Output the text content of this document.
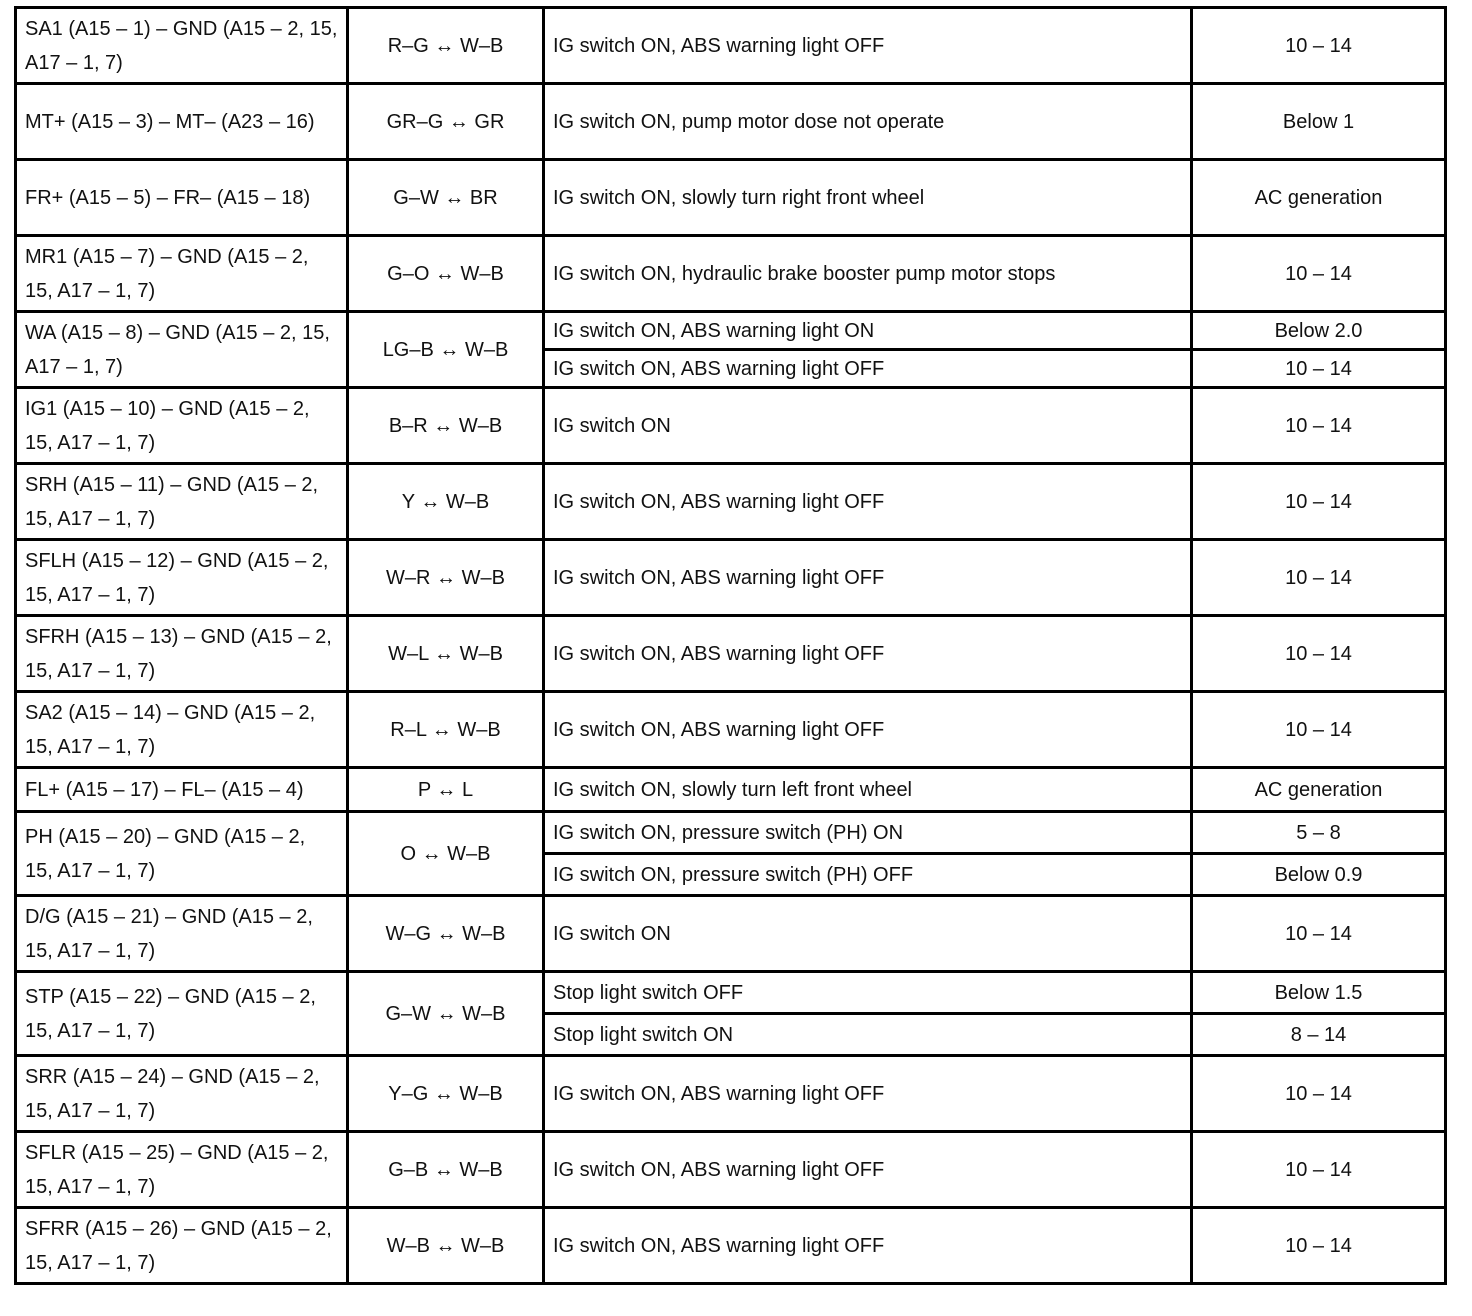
SA1 (A15 – 1) – GND (A15 – 2, 15, A17 – 1, 7)	R–G ↔ W–B	IG switch ON, ABS warning light OFF	10 – 14
MT+ (A15 – 3) – MT– (A23 – 16)	GR–G ↔ GR	IG switch ON, pump motor dose not operate	Below 1
FR+ (A15 – 5) – FR– (A15 – 18)	G–W ↔ BR	IG switch ON, slowly turn right front wheel	AC generation
MR1 (A15 – 7) – GND (A15 – 2, 15, A17 – 1, 7)	G–O ↔ W–B	IG switch ON, hydraulic brake booster pump motor stops	10 – 14
WA (A15 – 8) – GND (A15 – 2, 15, A17 – 1, 7)	LG–B ↔ W–B	IG switch ON, ABS warning light ON	Below 2.0
		IG switch ON, ABS warning light OFF	10 – 14
IG1 (A15 – 10) – GND (A15 – 2, 15, A17 – 1, 7)	B–R ↔ W–B	IG switch ON	10 – 14
SRH (A15 – 11) – GND (A15 – 2, 15, A17 – 1, 7)	Y ↔ W–B	IG switch ON, ABS warning light OFF	10 – 14
SFLH (A15 – 12) – GND (A15 – 2, 15, A17 – 1, 7)	W–R ↔ W–B	IG switch ON, ABS warning light OFF	10 – 14
SFRH (A15 – 13) – GND (A15 – 2, 15, A17 – 1, 7)	W–L ↔ W–B	IG switch ON, ABS warning light OFF	10 – 14
SA2 (A15 – 14) – GND (A15 – 2, 15, A17 – 1, 7)	R–L ↔ W–B	IG switch ON, ABS warning light OFF	10 – 14
FL+ (A15 – 17) – FL– (A15 – 4)	P ↔ L	IG switch ON, slowly turn left front wheel	AC generation
PH (A15 – 20) – GND (A15 – 2, 15, A17 – 1, 7)	O ↔ W–B	IG switch ON, pressure switch (PH) ON	5 – 8
		IG switch ON, pressure switch (PH) OFF	Below 0.9
D/G (A15 – 21) – GND (A15 – 2, 15, A17 – 1, 7)	W–G ↔ W–B	IG switch ON	10 – 14
STP (A15 – 22) – GND (A15 – 2, 15, A17 – 1, 7)	G–W ↔ W–B	Stop light switch OFF	Below 1.5
		Stop light switch ON	8 – 14
SRR (A15 – 24) – GND (A15 – 2, 15, A17 – 1, 7)	Y–G ↔ W–B	IG switch ON, ABS warning light OFF	10 – 14
SFLR (A15 – 25) – GND (A15 – 2, 15, A17 – 1, 7)	G–B ↔ W–B	IG switch ON, ABS warning light OFF	10 – 14
SFRR (A15 – 26) – GND (A15 – 2, 15, A17 – 1, 7)	W–B ↔ W–B	IG switch ON, ABS warning light OFF	10 – 14
